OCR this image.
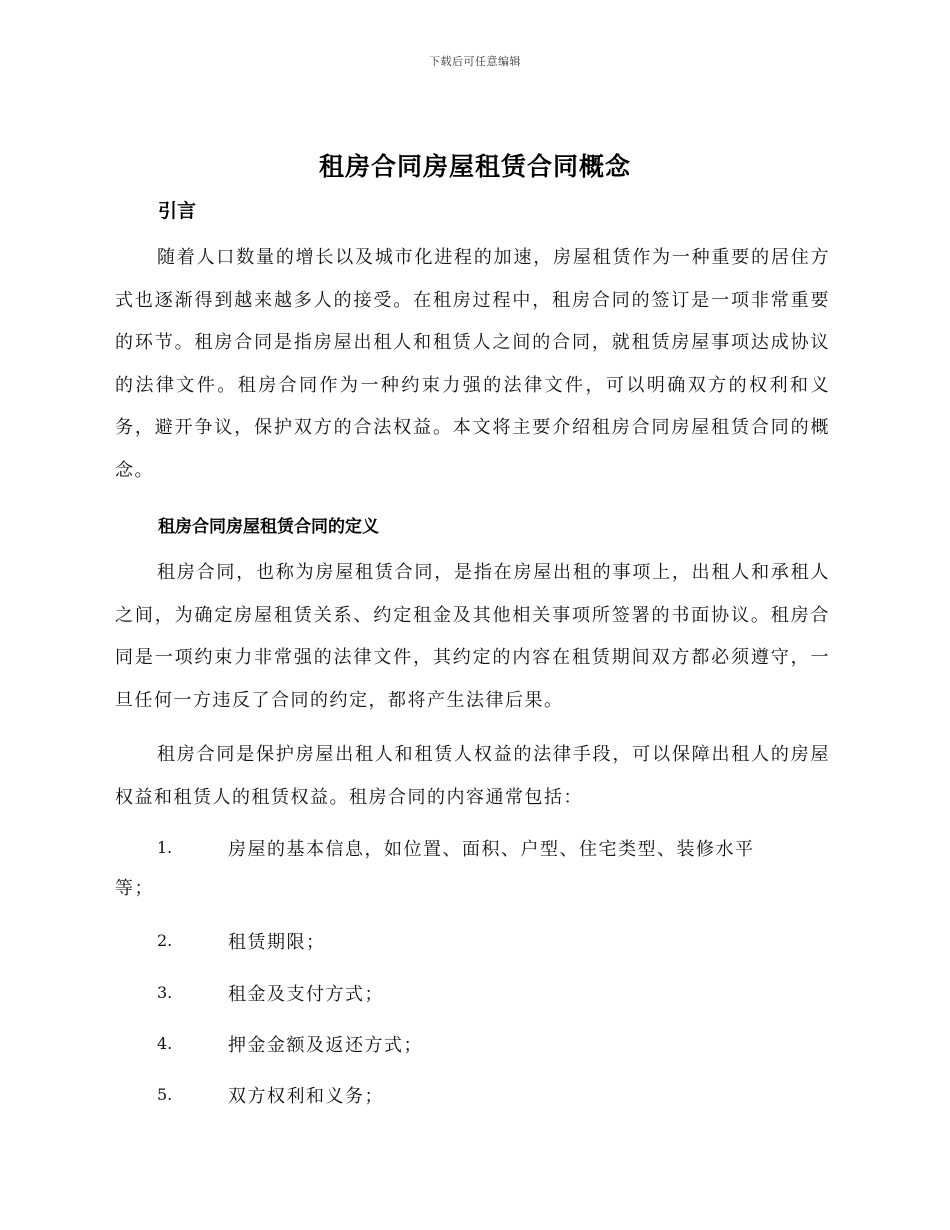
下载后可任意编辑
租房合同房屋租赁合同概念
引言

随着人口数量的增长以及城市化进程的加速，房屋租赁作为一种重要的居住方式也逐渐得到越来越多人的接受。在租房过程中，租房合同的签订是一项非常重要的环节。租房合同是指房屋出租人和租赁人之间的合同，就租赁房屋事项达成协议的法律文件。租房合同作为一种约束力强的法律文件，可以明确双方的权利和义务，避开争议，保护双方的合法权益。本文将主要介绍租房合同房屋租赁合同的概念。

租房合同房屋租赁合同的定义

租房合同，也称为房屋租赁合同，是指在房屋出租的事项上，出租人和承租人之间，为确定房屋租赁关系、约定租金及其他相关事项所签署的书面协议。租房合同是一项约束力非常强的法律文件，其约定的内容在租赁期间双方都必须遵守，一旦任何一方违反了合同的约定，都将产生法律后果。

租房合同是保护房屋出租人和租赁人权益的法律手段，可以保障出租人的房屋权益和租赁人的租赁权益。租房合同的内容通常包括：

1.	房屋的基本信息，如位置、面积、户型、住宅类型、装修水平
等；
2.	租赁期限；
3.	租金及支付方式；
4.	押金金额及返还方式；
5.	双方权利和义务；
